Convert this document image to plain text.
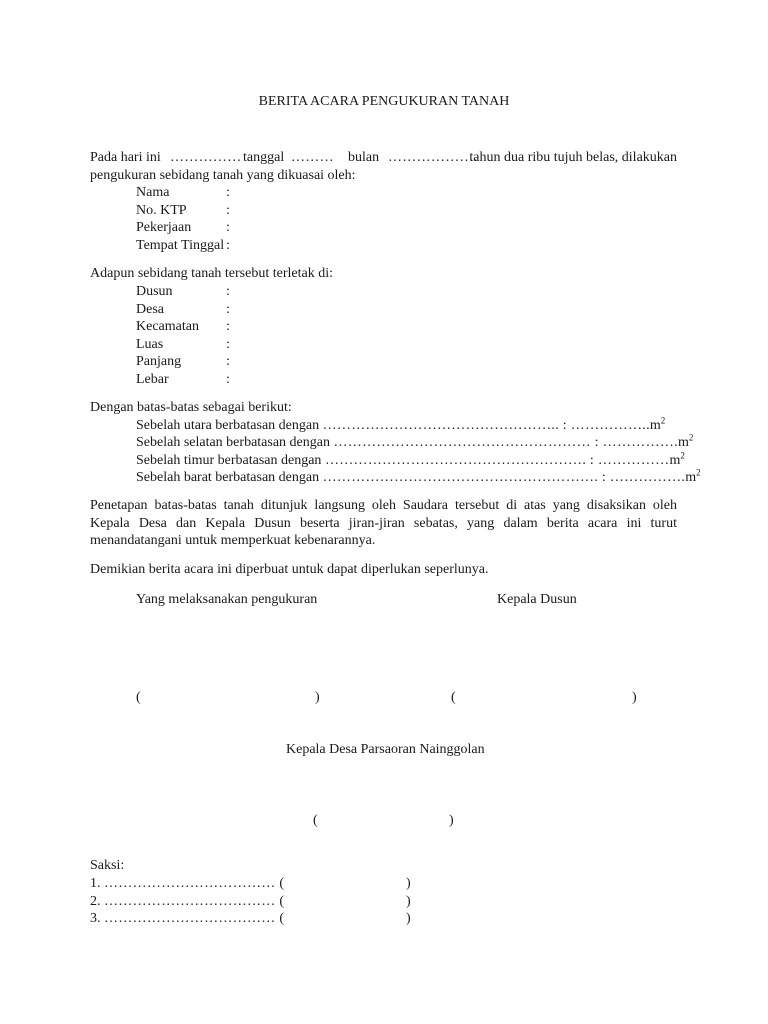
BERITA ACARA PENGUKURAN TANAH
Pada hari ini …………… tanggal ……… bulan ……………….
tahun dua ribu tujuh belas, dilakukan
pengukuran sebidang tanah yang dikuasai oleh:
Nama	:
No. KTP	:
Pekerjaan :
Tempat Tinggal :
Adapun sebidang tanah tersebut terletak di:
Dusun	:
Desa	:
Kecamatan :
Luas	:
Panjang	:
Lebar	:
Dengan batas-batas sebagai berikut:
Sebelah utara berbatasan dengan ………………………………………….. : $\dots\dots\dots\dots\dots..m^2$
Sebelah selatan berbatasan dengan ……………………………………………… : $\dots\dots\dots\dots\dots.m^2$
Sebelah timur berbatasan dengan ………………………………………………. : $\dots\dots\dots\dots\dots m^2$
Sebelah barat berbatasan dengan …………………………………………………. : $\dots\dots\dots\dots\dots.m^2$
Penetapan batas-batas tanah ditunjuk langsung oleh Saudara tersebut di atas yang disaksikan oleh Kepala Desa dan Kepala Dusun beserta jiran-jiran sebatas, yang dalam berita acara ini turut menandatangani untuk memperkuat kebenarannya.
Demikian berita acara ini diperbuat untuk dapat diperlukan seperlunya.
Yang melaksanakan pengukuran	Kepala Dusun
(	)	(	)
Kepala Desa Parsaoran Nainggolan
(	)
Saksi:
1. ……………………………… (	)
2. ……………………………… (	)
3. ……………………………… (	)
